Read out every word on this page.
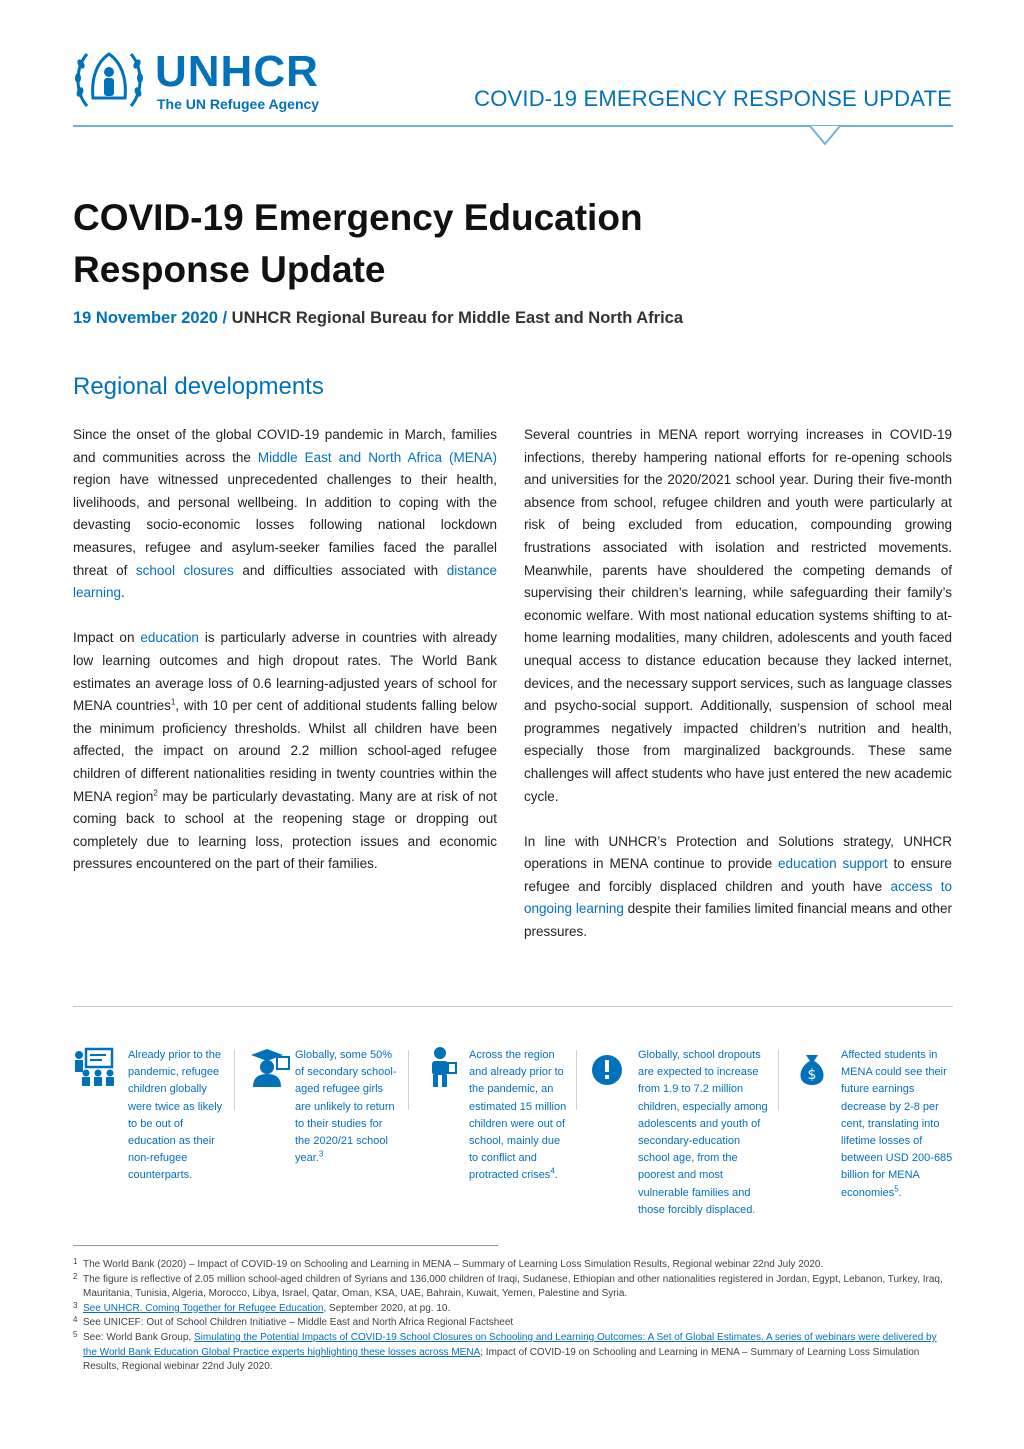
UNHCR
The UN Refugee Agency	COVID-19 EMERGENCY RESPONSE UPDATE
COVID-19 Emergency Education
Response Update
19 November 2020 / UNHCR Regional Bureau for Middle East and North Africa
Regional developments

Since the onset of the global COVID-19 pandemic in March, families and communities across the Middle East and North Africa (MENA) region have witnessed unprecedented challenges to their health, livelihoods, and personal wellbeing. In addition to coping with the devasting socio-economic losses following national lockdown measures, refugee and asylum-seeker families faced the parallel threat of school closures and difficulties associated with distance learning.

Impact on education is particularly adverse in countries with already low learning outcomes and high dropout rates. The World Bank estimates an average loss of 0.6 learning-adjusted years of school for MENA countries$^1$, with 10 per cent of additional students falling below the minimum proficiency thresholds. Whilst all children have been affected, the impact on around 2.2 million school-aged refugee children of different nationalities residing in twenty countries within the MENA region$^2$ may be particularly devastating. Many are at risk of not coming back to school at the reopening stage or dropping out completely due to learning loss, protection issues and economic pressures encountered on the part of their families.

Several countries in MENA report worrying increases in COVID-19 infections, thereby hampering national efforts for re-opening schools and universities for the 2020/2021 school year. During their five-month absence from school, refugee children and youth were particularly at risk of being excluded from education, compounding growing frustrations associated with isolation and restricted movements. Meanwhile, parents have shouldered the competing demands of supervising their children’s learning, while safeguarding their family’s economic welfare. With most national education systems shifting to at-home learning modalities, many children, adolescents and youth faced unequal access to distance education because they lacked internet, devices, and the necessary support services, such as language classes and psycho-social support. Additionally, suspension of school meal programmes negatively impacted children’s nutrition and health, especially those from marginalized backgrounds. These same challenges will affect students who have just entered the new academic cycle.

In line with UNHCR’s Protection and Solutions strategy, UNHCR operations in MENA continue to provide education support to ensure refugee and forcibly displaced children and youth have access to ongoing learning despite their families limited financial means and other pressures.

Already prior to the pandemic, refugee children globally were twice as likely to be out of education as their non-refugee counterparts.
Globally, some 50% of secondary school-aged refugee girls are unlikely to return to their studies for the 2020/21 school year.$^3$
Across the region and already prior to the pandemic, an estimated 15 million children were out of school, mainly due to conflict and protracted crises$^4$.
Globally, school dropouts are expected to increase from 1.9 to 7.2 million children, especially among adolescents and youth of secondary-education school age, from the poorest and most vulnerable families and those forcibly displaced.
$
Affected students in MENA could see their future earnings decrease by 2-8 per cent, translating into lifetime losses of between USD 200-685 billion for MENA economies$^5$.

1 The World Bank (2020) – Impact of COVID-19 on Schooling and Learning in MENA – Summary of Learning Loss Simulation Results, Regional webinar 22nd July 2020.

2 The figure is reflective of 2.05 million school-aged children of Syrians and 136,000 children of Iraqi, Sudanese, Ethiopian and other nationalities registered in Jordan, Egypt, Lebanon, Turkey, Iraq, Mauritania, Tunisia, Algeria, Morocco, Libya, Israel, Qatar, Oman, KSA, UAE, Bahrain, Kuwait, Yemen, Palestine and Syria.

3 See UNHCR. Coming Together for Refugee Education, September 2020, at pg. 10.

4 See UNICEF: Out of School Children Initiative – Middle East and North Africa Regional Factsheet

5 See: World Bank Group, Simulating the Potential Impacts of COVID-19 School Closures on Schooling and Learning Outcomes: A Set of Global Estimates. A series of webinars were delivered by the World Bank Education Global Practice experts highlighting these losses across MENA; Impact of COVID-19 on Schooling and Learning in MENA – Summary of Learning Loss Simulation Results, Regional webinar 22nd July 2020.
